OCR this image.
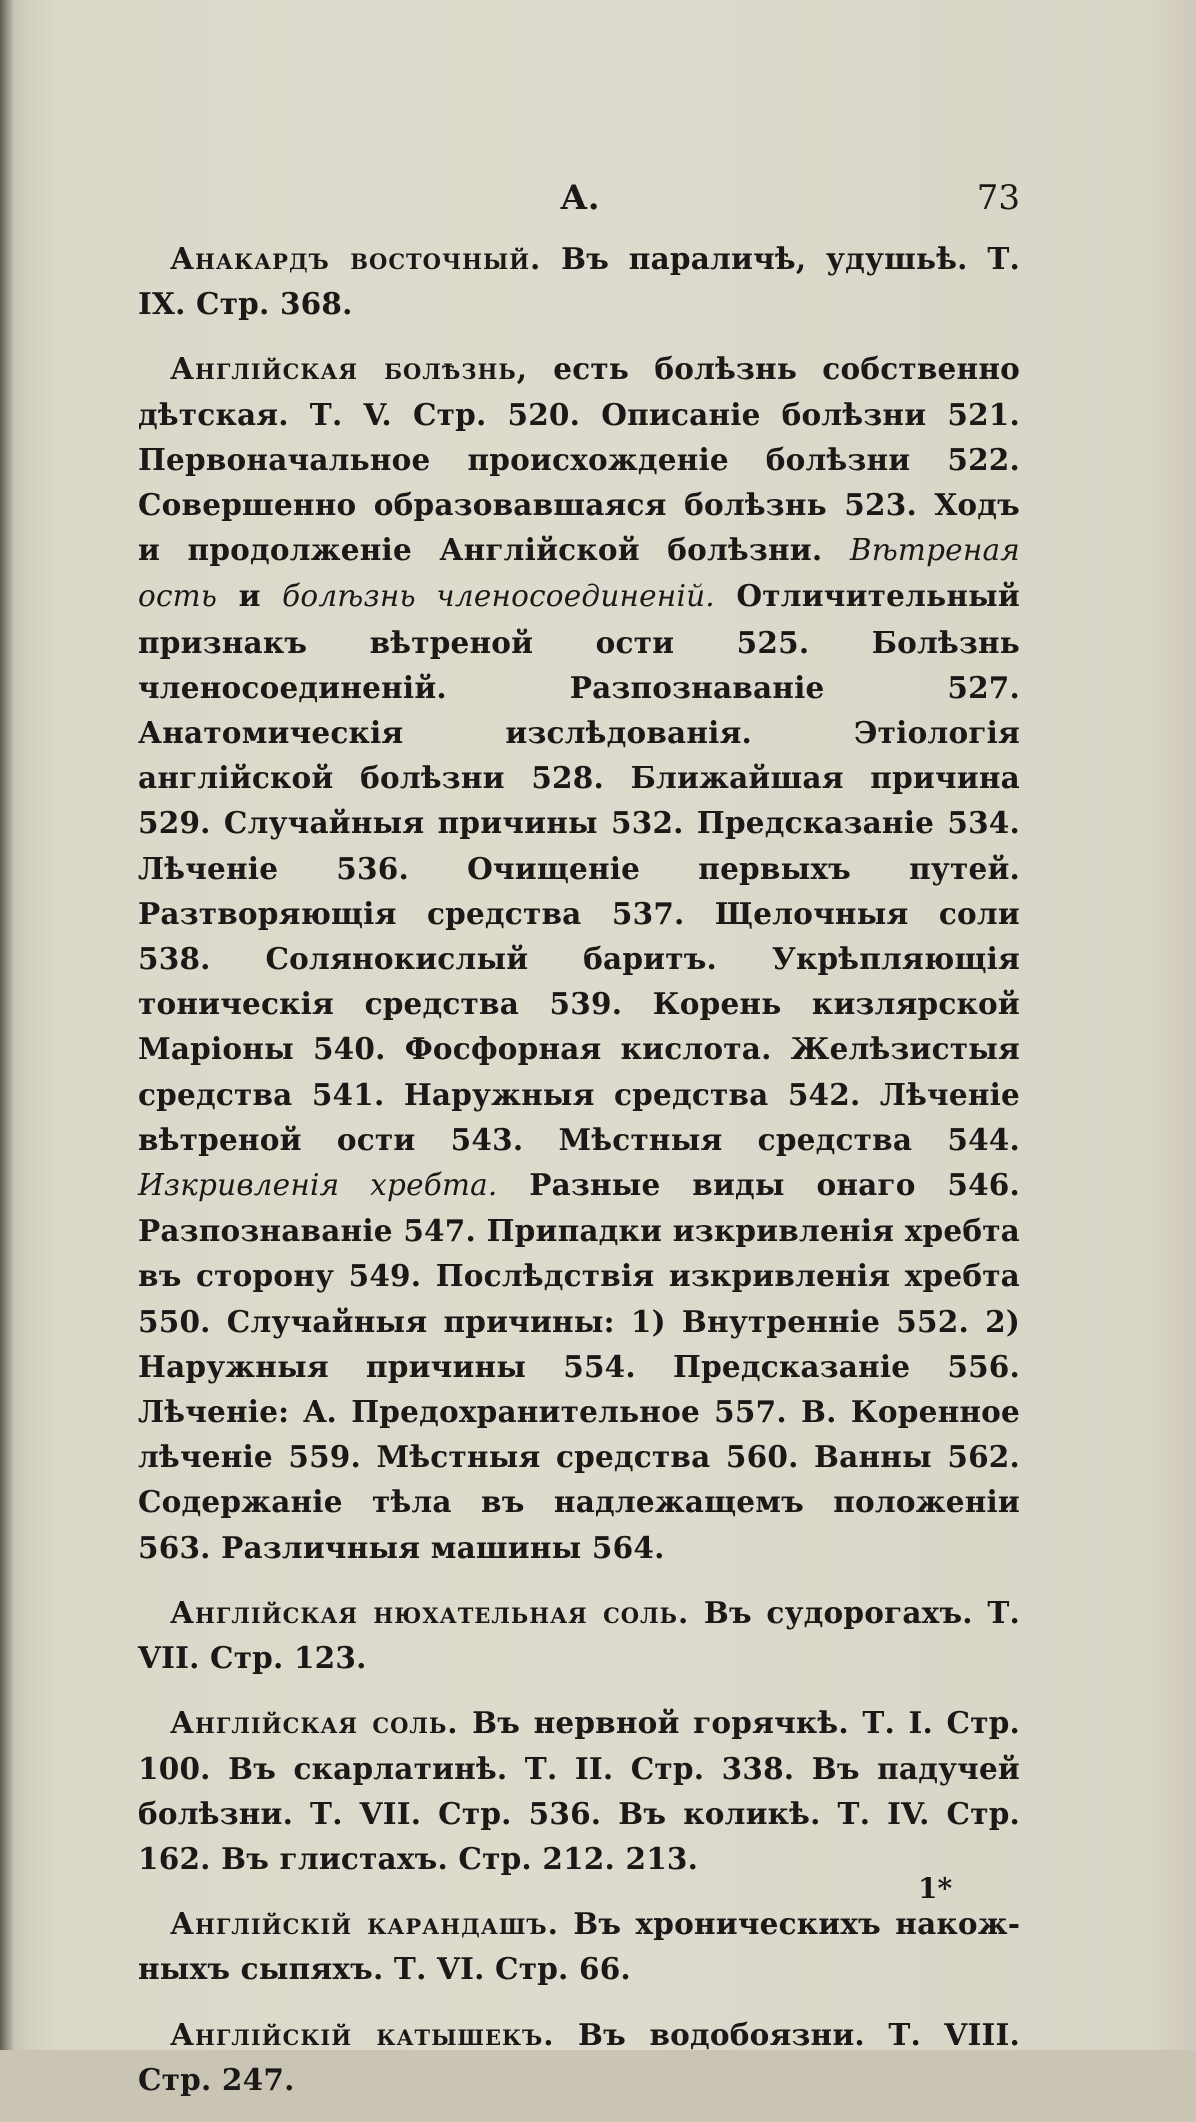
А.	73

Анакардъ восточный. Въ параличѣ, удушьѣ. Т. IX. Стр. 368.

Англійская болѣзнь, есть болѣзнь собственно дѣтская. Т. V. Стр. 520. Описаніе болѣзни 521. Первоначальное происхожденіе болѣзни 522. Совершенно образовавшаяся болѣзнь 523. Ходъ и продолженіе Англійской болѣзни. Вѣтреная ость и болѣзнь членосоединеній. Отличительный признакъ вѣтреной ости 525. Болѣзнь членосоединеній. Разпознаваніе 527. Анатомическія изслѣдованія. Этіологія англійской болѣзни 528. Ближайшая причина 529. Случайныя причины 532. Предсказаніе 534. Лѣченіе 536. Очищеніе первыхъ путей. Разтворяющія средства 537. Щелочныя соли 538. Солянокислый баритъ. Укрѣпляющія тоническія средства 539. Корень кизлярской Маріоны 540. Фосфорная кислота. Желѣзистыя средства 541. Наружныя средства 542. Лѣченіе вѣтреной ости 543. Мѣстныя средства 544. Изкривленія хребта. Разные виды онаго 546. Разпознаваніе 547. Припадки изкривленія хребта въ сторону 549. Послѣдствія изкривленія хребта 550. Случайныя причины: 1) Внутренніе 552. 2) Наружныя причины 554. Предсказаніе 556. Лѣченіе: A. Предохранительное 557. B. Коренное лѣченіе 559. Мѣстныя средства 560. Ванны 562. Содержаніе тѣла въ надлежащемъ положеніи 563. Различныя машины 564.

Англійская нюхательная соль. Въ судорогахъ. Т. VII. Стр. 123.

Англійская соль. Въ нервной горячкѣ. Т. I. Стр. 100. Въ скарлатинѣ. Т. II. Стр. 338. Въ падучей болѣзни. Т. VII. Стр. 536. Въ коликѣ. Т. IV. Стр. 162. Въ глистахъ. Стр. 212. 213.

Англійскій карандашъ. Въ хроническихъ накожныхъ сыпяхъ. Т. VI. Стр. 66.

Англійскій катышекъ. Въ водобоязни. Т. VIII. Стр. 247.

1*
